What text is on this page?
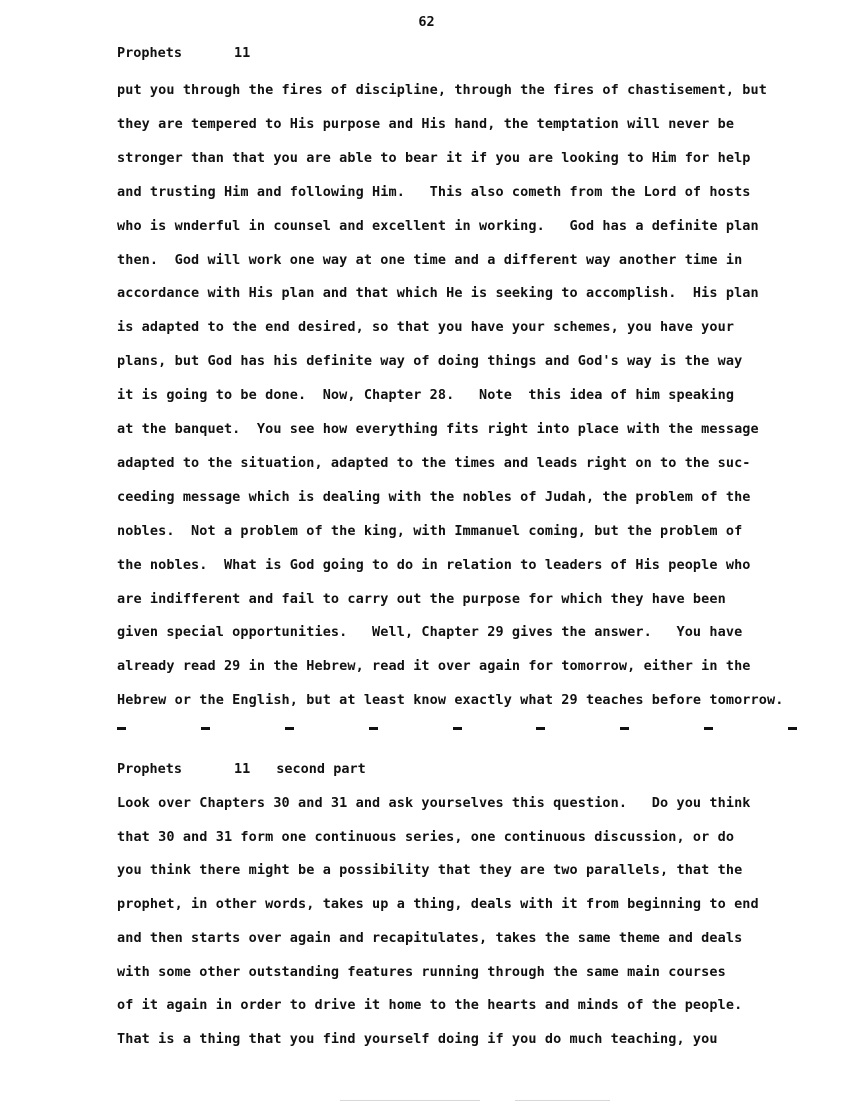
62
Prophets	11
put you through the fires of discipline, through the fires of chastisement, but
they are tempered to His purpose and His hand, the temptation will never be
stronger than that you are able to bear it if you are looking to Him for help
and trusting Him and following Him.   This also cometh from the Lord of hosts
who is wnderful in counsel and excellent in working.   God has a definite plan
then.  God will work one way at one time and a different way another time in
accordance with His plan and that which He is seeking to accomplish.  His plan
is adapted to the end desired, so that you have your schemes, you have your
plans, but God has his definite way of doing things and God's way is the way
it is going to be done.  Now, Chapter 28.   Note  this idea of him speaking
at the banquet.  You see how everything fits right into place with the message
adapted to the situation, adapted to the times and leads right on to the suc-
ceeding message which is dealing with the nobles of Judah, the problem of the
nobles.  Not a problem of the king, with Immanuel coming, but the problem of
the nobles.  What is God going to do in relation to leaders of His people who
are indifferent and fail to carry out the purpose for which they have been
given special opportunities.   Well, Chapter 29 gives the answer.   You have
already read 29 in the Hebrew, read it over again for tomorrow, either in the
Hebrew or the English, but at least know exactly what 29 teaches before tomorrow.
Prophets	11 second part
Look over Chapters 30 and 31 and ask yourselves this question.   Do you think
that 30 and 31 form one continuous series, one continuous discussion, or do
you think there might be a possibility that they are two parallels, that the
prophet, in other words, takes up a thing, deals with it from beginning to end
and then starts over again and recapitulates, takes the same theme and deals
with some other outstanding features running through the same main courses
of it again in order to drive it home to the hearts and minds of the people.
That is a thing that you find yourself doing if you do much teaching, you
